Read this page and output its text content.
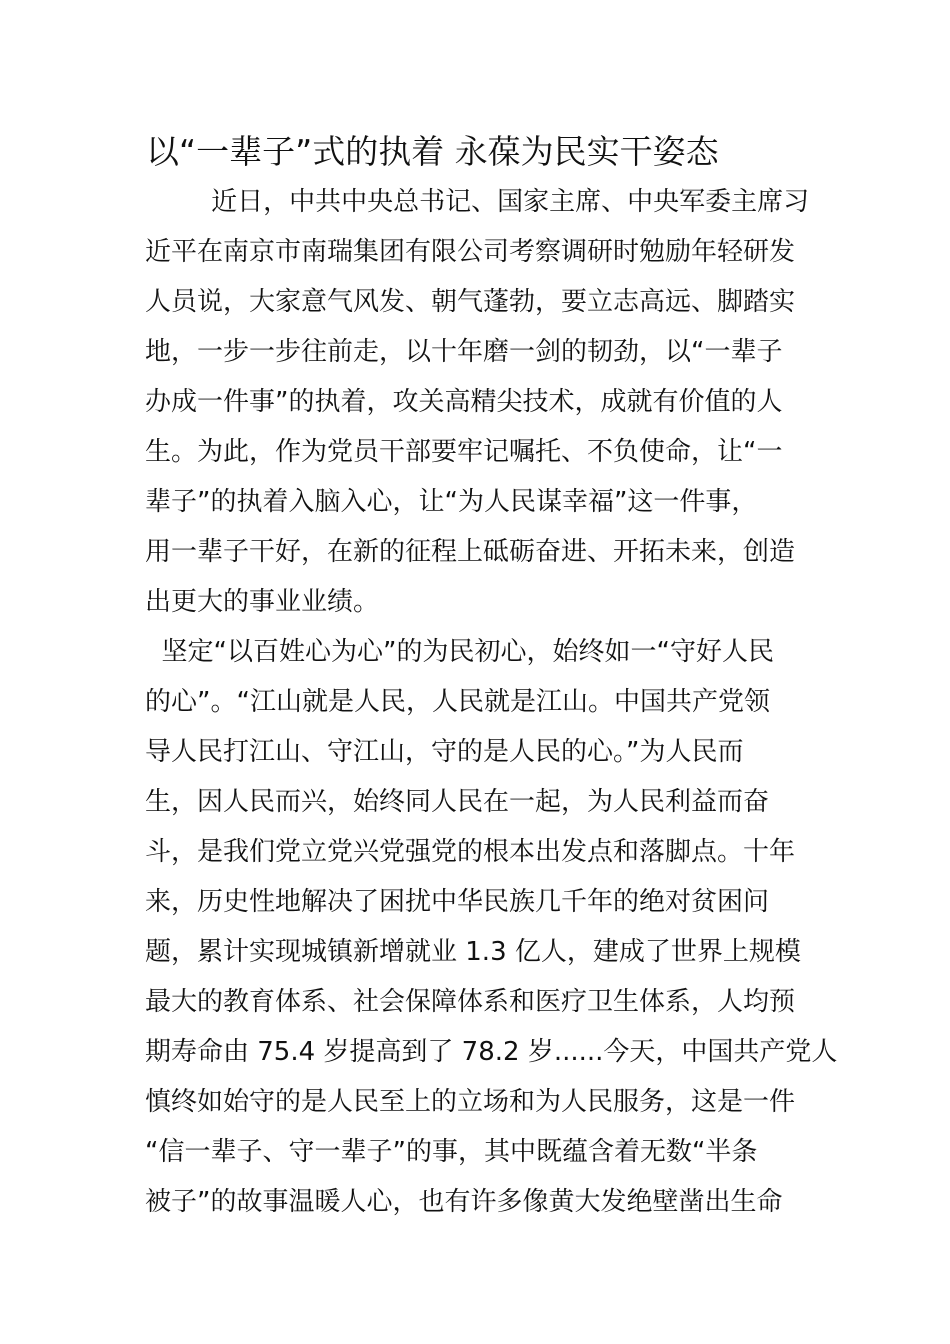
以“一辈子”式的执着 永葆为民实干姿态

近日，中共中央总书记、国家主席、中央军委主席习

近平在南京市南瑞集团有限公司考察调研时勉励年轻研发

人员说，大家意气风发、朝气蓬勃，要立志高远、脚踏实

地，一步一步往前走，以十年磨一剑的韧劲，以“一辈子

办成一件事”的执着，攻关高精尖技术，成就有价值的人

生。为此，作为党员干部要牢记嘱托、不负使命，让“一

辈子”的执着入脑入心，让“为人民谋幸福”这一件事，

用一辈子干好，在新的征程上砥砺奋进、开拓未来，创造

出更大的事业业绩。

坚定“以百姓心为心”的为民初心，始终如一“守好人民

的心”。“江山就是人民，人民就是江山。中国共产党领

导人民打江山、守江山，守的是人民的心。”为人民而

生，因人民而兴，始终同人民在一起，为人民利益而奋

斗，是我们党立党兴党强党的根本出发点和落脚点。十年

来，历史性地解决了困扰中华民族几千年的绝对贫困问

题，累计实现城镇新增就业 1.3 亿人，建成了世界上规模

最大的教育体系、社会保障体系和医疗卫生体系，人均预

期寿命由 75.4 岁提高到了 78.2 岁......今天，中国共产党人

慎终如始守的是人民至上的立场和为人民服务，这是一件

“信一辈子、守一辈子”的事，其中既蕴含着无数“半条

被子”的故事温暖人心，也有许多像黄大发绝壁凿出生命
